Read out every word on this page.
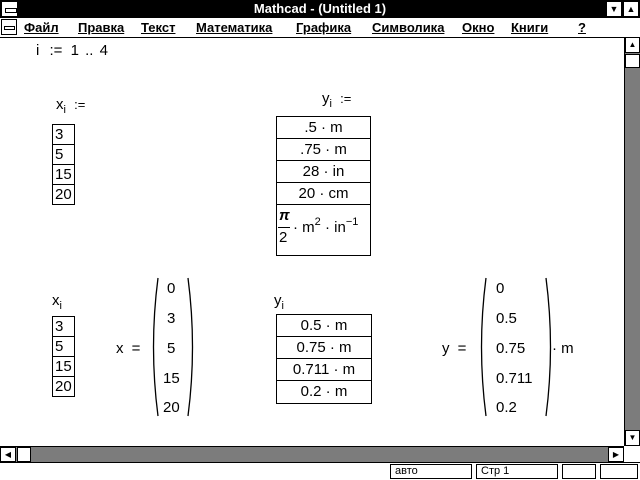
Mathcad - (Untitled 1)	▼ ▲
Файл Правка Текст Математика Графика Символика Окно Книги ?
i := 1 .. 4
$x_i$ :=
3
5
15
20
$y_i$ :=
.5 · m
.75 · m
28 · in
20 · cm
π
2
· $m^2 \cdot in^{-1}$
$x_i$
3
5
15
20
x =
0
3
5
15
20
$y_i$
0.5 · m
0.75 · m
0.711 · m
0.2 · m
y =
0
0.5
0.75
0.711
0.2
· m
▲
▼
◀	▶
авто	Стр 1
